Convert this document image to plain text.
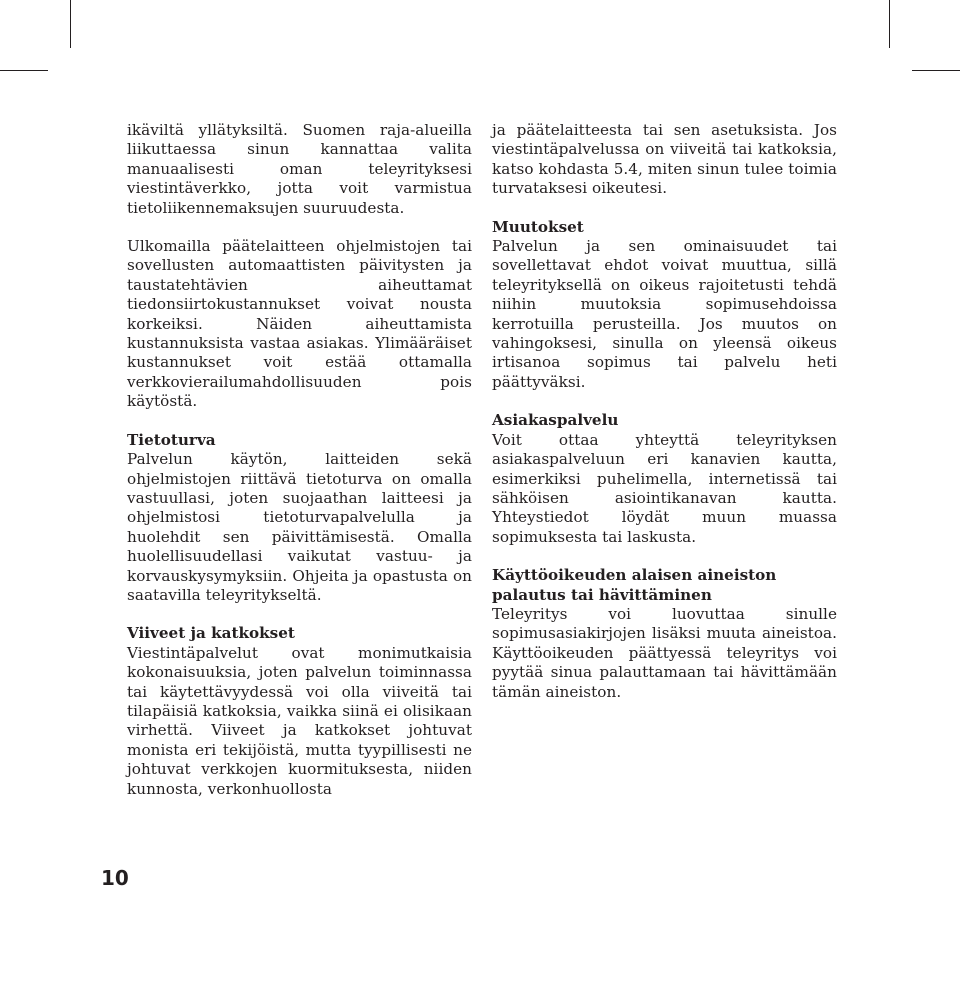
ikäviltä yllätyksiltä. Suomen raja-alueilla liikuttaessa sinun kannattaa valita manuaalisesti oman teleyrityksesi viestintäverkko, jotta voit varmistua tietoliikennemaksujen suuruudesta.

Ulkomailla päätelaitteen ohjelmistojen tai sovellusten automaattisten päivitysten ja taustatehtävien aiheuttamat tiedonsiirtokustannukset voivat nousta korkeiksi. Näiden aiheuttamista kustannuksista vastaa asiakas. Ylimääräiset kustannukset voit estää ottamalla verkkovierailumahdollisuuden pois käytöstä.

Tietoturva

Palvelun käytön, laitteiden sekä ohjelmistojen riittävä tietoturva on omalla vastuullasi, joten suojaathan laitteesi ja ohjelmistosi tietoturvapalvelulla ja huolehdit sen päivittämisestä. Omalla huolellisuudellasi vaikutat vastuu- ja korvauskysymyksiin. Ohjeita ja opastusta on saatavilla teleyritykseltä.

Viiveet ja katkokset

Viestintäpalvelut ovat monimutkaisia kokonaisuuksia, joten palvelun toiminnassa tai käytettävyydessä voi olla viiveitä tai tilapäisiä katkoksia, vaikka siinä ei olisikaan virhettä. Viiveet ja katkokset johtuvat monista eri tekijöistä, mutta tyypillisesti ne johtuvat verkkojen kuormituksesta, niiden kunnosta, verkonhuollosta

ja päätelaitteesta tai sen asetuksista. Jos viestintäpalvelussa on viiveitä tai katkoksia, katso kohdasta 5.4, miten sinun tulee toimia turvataksesi oikeutesi.

Muutokset

Palvelun ja sen ominaisuudet tai sovellettavat ehdot voivat muuttua, sillä teleyrityksellä on oikeus rajoitetusti tehdä niihin muutoksia sopimusehdoissa kerrotuilla perusteilla. Jos muutos on vahingoksesi, sinulla on yleensä oikeus irtisanoa sopimus tai palvelu heti päättyväksi.

Asiakaspalvelu

Voit ottaa yhteyttä teleyrityksen asiakaspalveluun eri kanavien kautta, esimerkiksi puhelimella, internetissä tai sähköisen asiointikanavan kautta. Yhteystiedot löydät muun muassa sopimuksesta tai laskusta.

Käyttöoikeuden alaisen aineiston palautus tai hävittäminen

Teleyritys voi luovuttaa sinulle sopimusasiakirjojen lisäksi muuta aineistoa. Käyttöoikeuden päättyessä teleyritys voi pyytää sinua palauttamaan tai hävittämään tämän aineiston.

10
